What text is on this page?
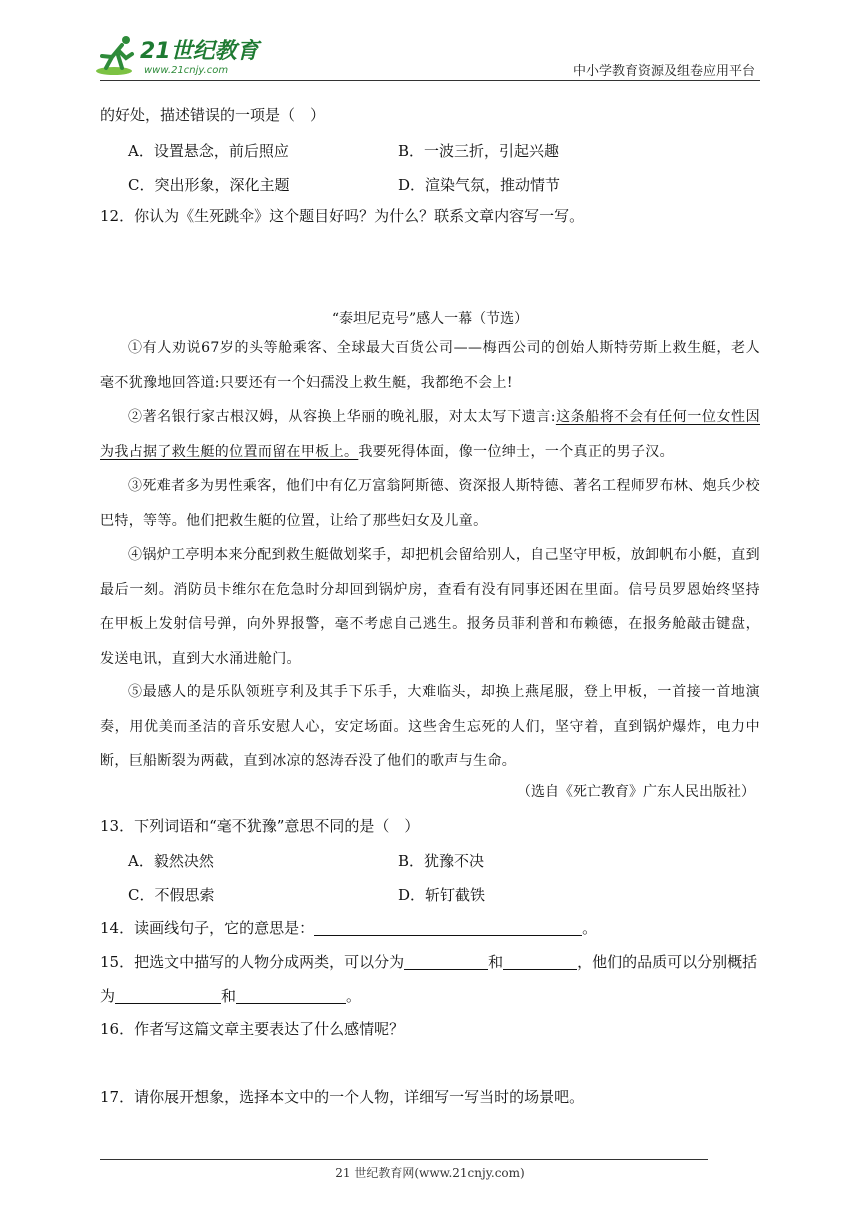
21世纪教育
www.21cnjy.com	中小学教育资源及组卷应用平台
的好处，描述错误的一项是（　）
A．设置悬念，前后照应	B．一波三折，引起兴趣
C．突出形象，深化主题	D．渲染气氛，推动情节
12．你认为《生死跳伞》这个题目好吗？为什么？联系文章内容写一写。
“泰坦尼克号”感人一幕（节选）
①有人劝说67岁的头等舱乘客、全球最大百货公司——梅西公司的创始人斯特劳斯上救生艇，老人毫不犹豫地回答道:只要还有一个妇孺没上救生艇，我都绝不会上!
②著名银行家古根汉姆，从容换上华丽的晚礼服，对太太写下遗言:这条船将不会有任何一位女性因为我占据了救生艇的位置而留在甲板上。我要死得体面，像一位绅士，一个真正的男子汉。
③死难者多为男性乘客，他们中有亿万富翁阿斯德、资深报人斯特德、著名工程师罗布林、炮兵少校巴特，等等。他们把救生艇的位置，让给了那些妇女及儿童。
④锅炉工亭明本来分配到救生艇做划桨手，却把机会留给别人，自己坚守甲板，放卸帆布小艇，直到最后一刻。消防员卡维尔在危急时分却回到锅炉房，查看有没有同事还困在里面。信号员罗恩始终坚持在甲板上发射信号弹，向外界报警，毫不考虑自己逃生。报务员菲利普和布赖德，在报务舱敲击键盘，发送电讯，直到大水涌进舱门。
⑤最感人的是乐队领班亨利及其手下乐手，大难临头，却换上燕尾服，登上甲板，一首接一首地演奏，用优美而圣洁的音乐安慰人心，安定场面。这些舍生忘死的人们，坚守着，直到锅炉爆炸，电力中断，巨船断裂为两截，直到冰凉的怒涛吞没了他们的歌声与生命。
（选自《死亡教育》广东人民出版社）
13．下列词语和“毫不犹豫”意思不同的是（　）
A．毅然决然	B．犹豫不决
C．不假思索	D．斩钉截铁
14．读画线句子，它的意思是：	。
15．把选文中描写的人物分成两类，可以分为	和	，他们的品质可以分别概括
为	和	。
16．作者写这篇文章主要表达了什么感情呢？
17．请你展开想象，选择本文中的一个人物，详细写一写当时的场景吧。
21 世纪教育网(www.21cnjy.com)
